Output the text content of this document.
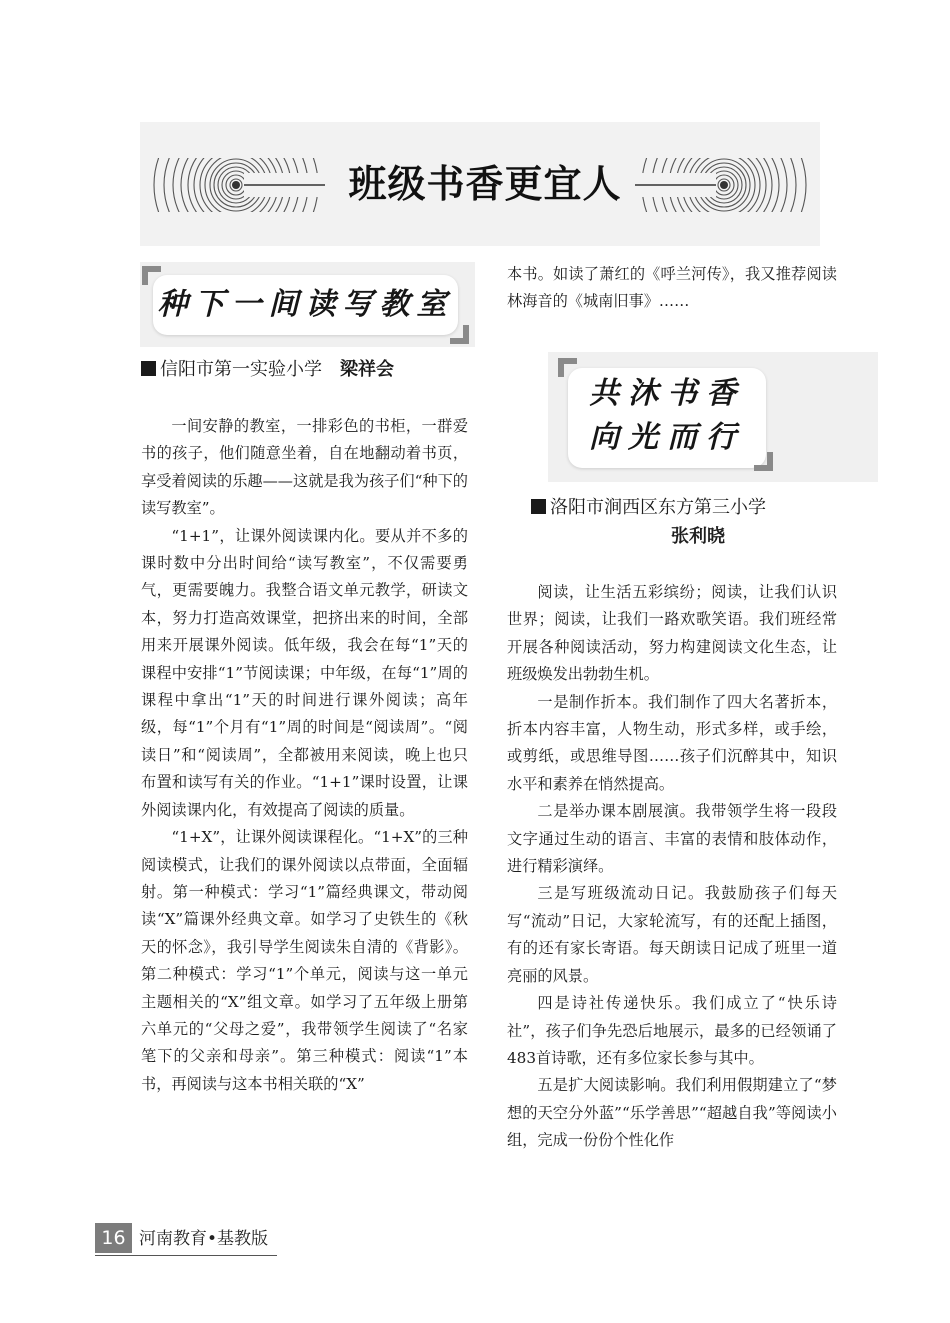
班级书香更宜人
种下一间读写教室
信阳市第一实验小学 梁祥会

一间安静的教室，一排彩色的书柜，一群爱书的孩子，他们随意坐着，自在地翻动着书页，享受着阅读的乐趣——这就是我为孩子们“种下的读写教室”。

“1+1”，让课外阅读课内化。要从并不多的课时数中分出时间给“读写教室”，不仅需要勇气，更需要魄力。我整合语文单元教学，研读文本，努力打造高效课堂，把挤出来的时间，全部用来开展课外阅读。低年级，我会在每“1”天的课程中安排“1”节阅读课；中年级，在每“1”周的课程中拿出“1”天的时间进行课外阅读；高年级，每“1”个月有“1”周的时间是“阅读周”。“阅读日”和“阅读周”，全都被用来阅读，晚上也只布置和读写有关的作业。“1+1”课时设置，让课外阅读课内化，有效提高了阅读的质量。

“1+X”，让课外阅读课程化。“1+X”的三种阅读模式，让我们的课外阅读以点带面，全面辐射。第一种模式：学习“1”篇经典课文，带动阅读“X”篇课外经典文章。如学习了史铁生的《秋天的怀念》，我引导学生阅读朱自清的《背影》。第二种模式：学习“1”个单元，阅读与这一单元主题相关的“X”组文章。如学习了五年级上册第六单元的“父母之爱”，我带领学生阅读了“名家笔下的父亲和母亲”。第三种模式：阅读“1”本书，再阅读与这本书相关联的“X”

本书。如读了萧红的《呼兰河传》，我又推荐阅读林海音的《城南旧事》……

共沐书香
向光而行
洛阳市涧西区东方第三小学
张利晓

阅读，让生活五彩缤纷；阅读，让我们认识世界；阅读，让我们一路欢歌笑语。我们班经常开展各种阅读活动，努力构建阅读文化生态，让班级焕发出勃勃生机。

一是制作折本。我们制作了四大名著折本，折本内容丰富，人物生动，形式多样，或手绘，或剪纸，或思维导图……孩子们沉醉其中，知识水平和素养在悄然提高。

二是举办课本剧展演。我带领学生将一段段文字通过生动的语言、丰富的表情和肢体动作，进行精彩演绎。

三是写班级流动日记。我鼓励孩子们每天写“流动”日记，大家轮流写，有的还配上插图，有的还有家长寄语。每天朗读日记成了班里一道亮丽的风景。

四是诗社传递快乐。我们成立了“快乐诗社”，孩子们争先恐后地展示，最多的已经领诵了483首诗歌，还有多位家长参与其中。

五是扩大阅读影响。我们利用假期建立了“梦想的天空分外蓝”“乐学善思”“超越自我”等阅读小组，完成一份份个性化作

16 河南教育•基教版
